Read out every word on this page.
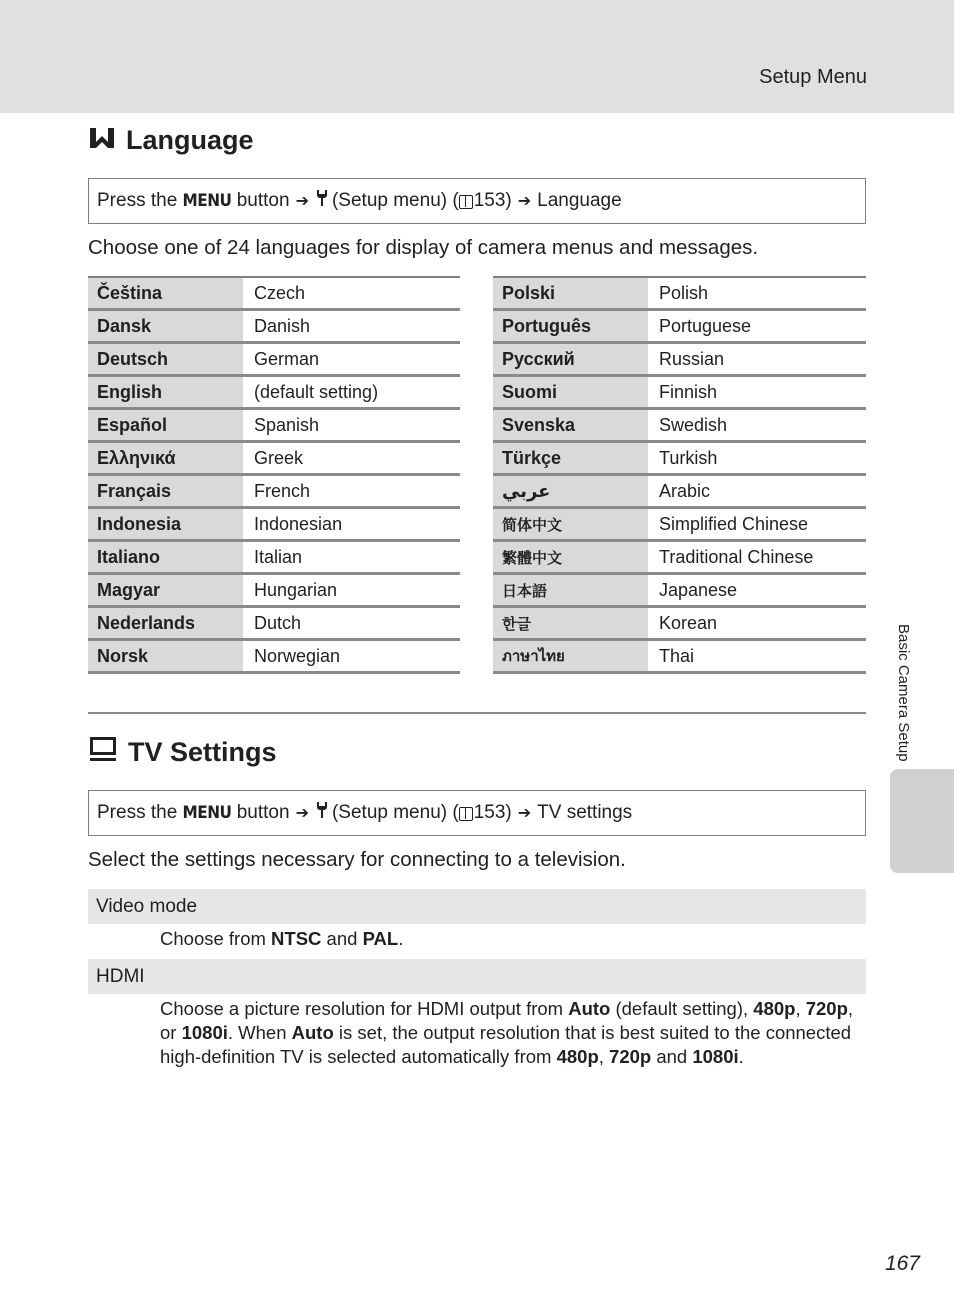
Setup Menu
Language
Press the
MENU
button ➔ (Setup menu) ( 153) ➔ Language
Choose one of 24 languages for display of camera menus and messages.
Čeština	Czech
Dansk	Danish
Deutsch	German
English	(default setting)
Español	Spanish
Ελληνικά	Greek
Français	French
Indonesia	Indonesian
Italiano	Italian
Magyar	Hungarian
Nederlands	Dutch
Norsk	Norwegian
Polski	Polish
Português	Portuguese
Русский	Russian
Suomi	Finnish
Svenska	Swedish
Türkçe	Turkish
عربي	Arabic
简体中文	Simplified Chinese
繁體中文	Traditional Chinese
日本語	Japanese
한글	Korean
ภาษาไทย	Thai
TV Settings
Press the
MENU
button ➔ (Setup menu) ( 153) ➔ TV settings
Select the settings necessary for connecting to a television.
Video mode
Choose from NTSC and PAL.
HDMI
Choose a picture resolution for HDMI output from Auto (default setting), 480p, 720p, or 1080i. When Auto is set, the output resolution that is best suited to the connected high-definition TV is selected automatically from 480p, 720p and 1080i.
Basic Camera Setup
167
